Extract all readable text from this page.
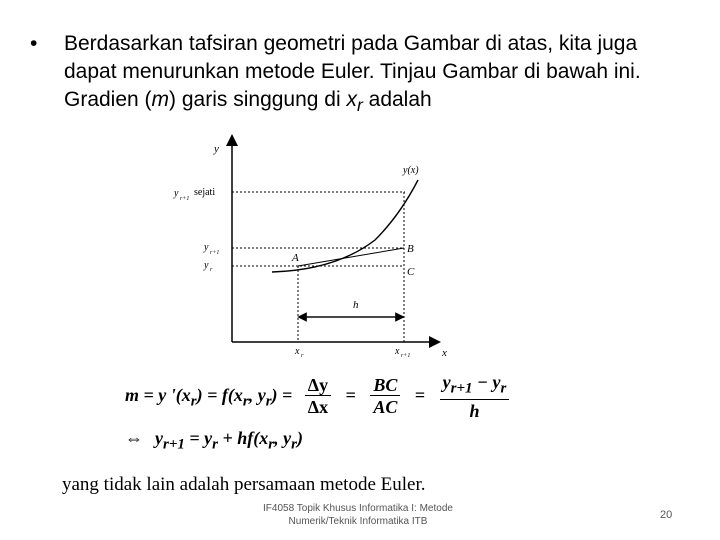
• Berdasarkan tafsiran geometri pada Gambar di atas, kita juga
dapat menurunkan metode Euler. Tinjau Gambar di bawah ini.
Gradien (m) garis singgung di $x_r$ adalah
y
x
y(x)
y r+1
sejati
y r+1
y r
A
B
C
h
x r	x r+1
m = y '$(x_r) = f(x_r$, $y_r) = \frac{\Delta y}{\Delta x} = \frac{BC}{AC} = \frac{y_{r+1} - y_r}{h}$
⇔ $y_{r+1} = y_r + hf(x_r$, $y_r$)
yang tidak lain adalah persamaan metode Euler.
IF4058 Topik Khusus Informatika I: Metode
Numerik/Teknik Informatika ITB
20
